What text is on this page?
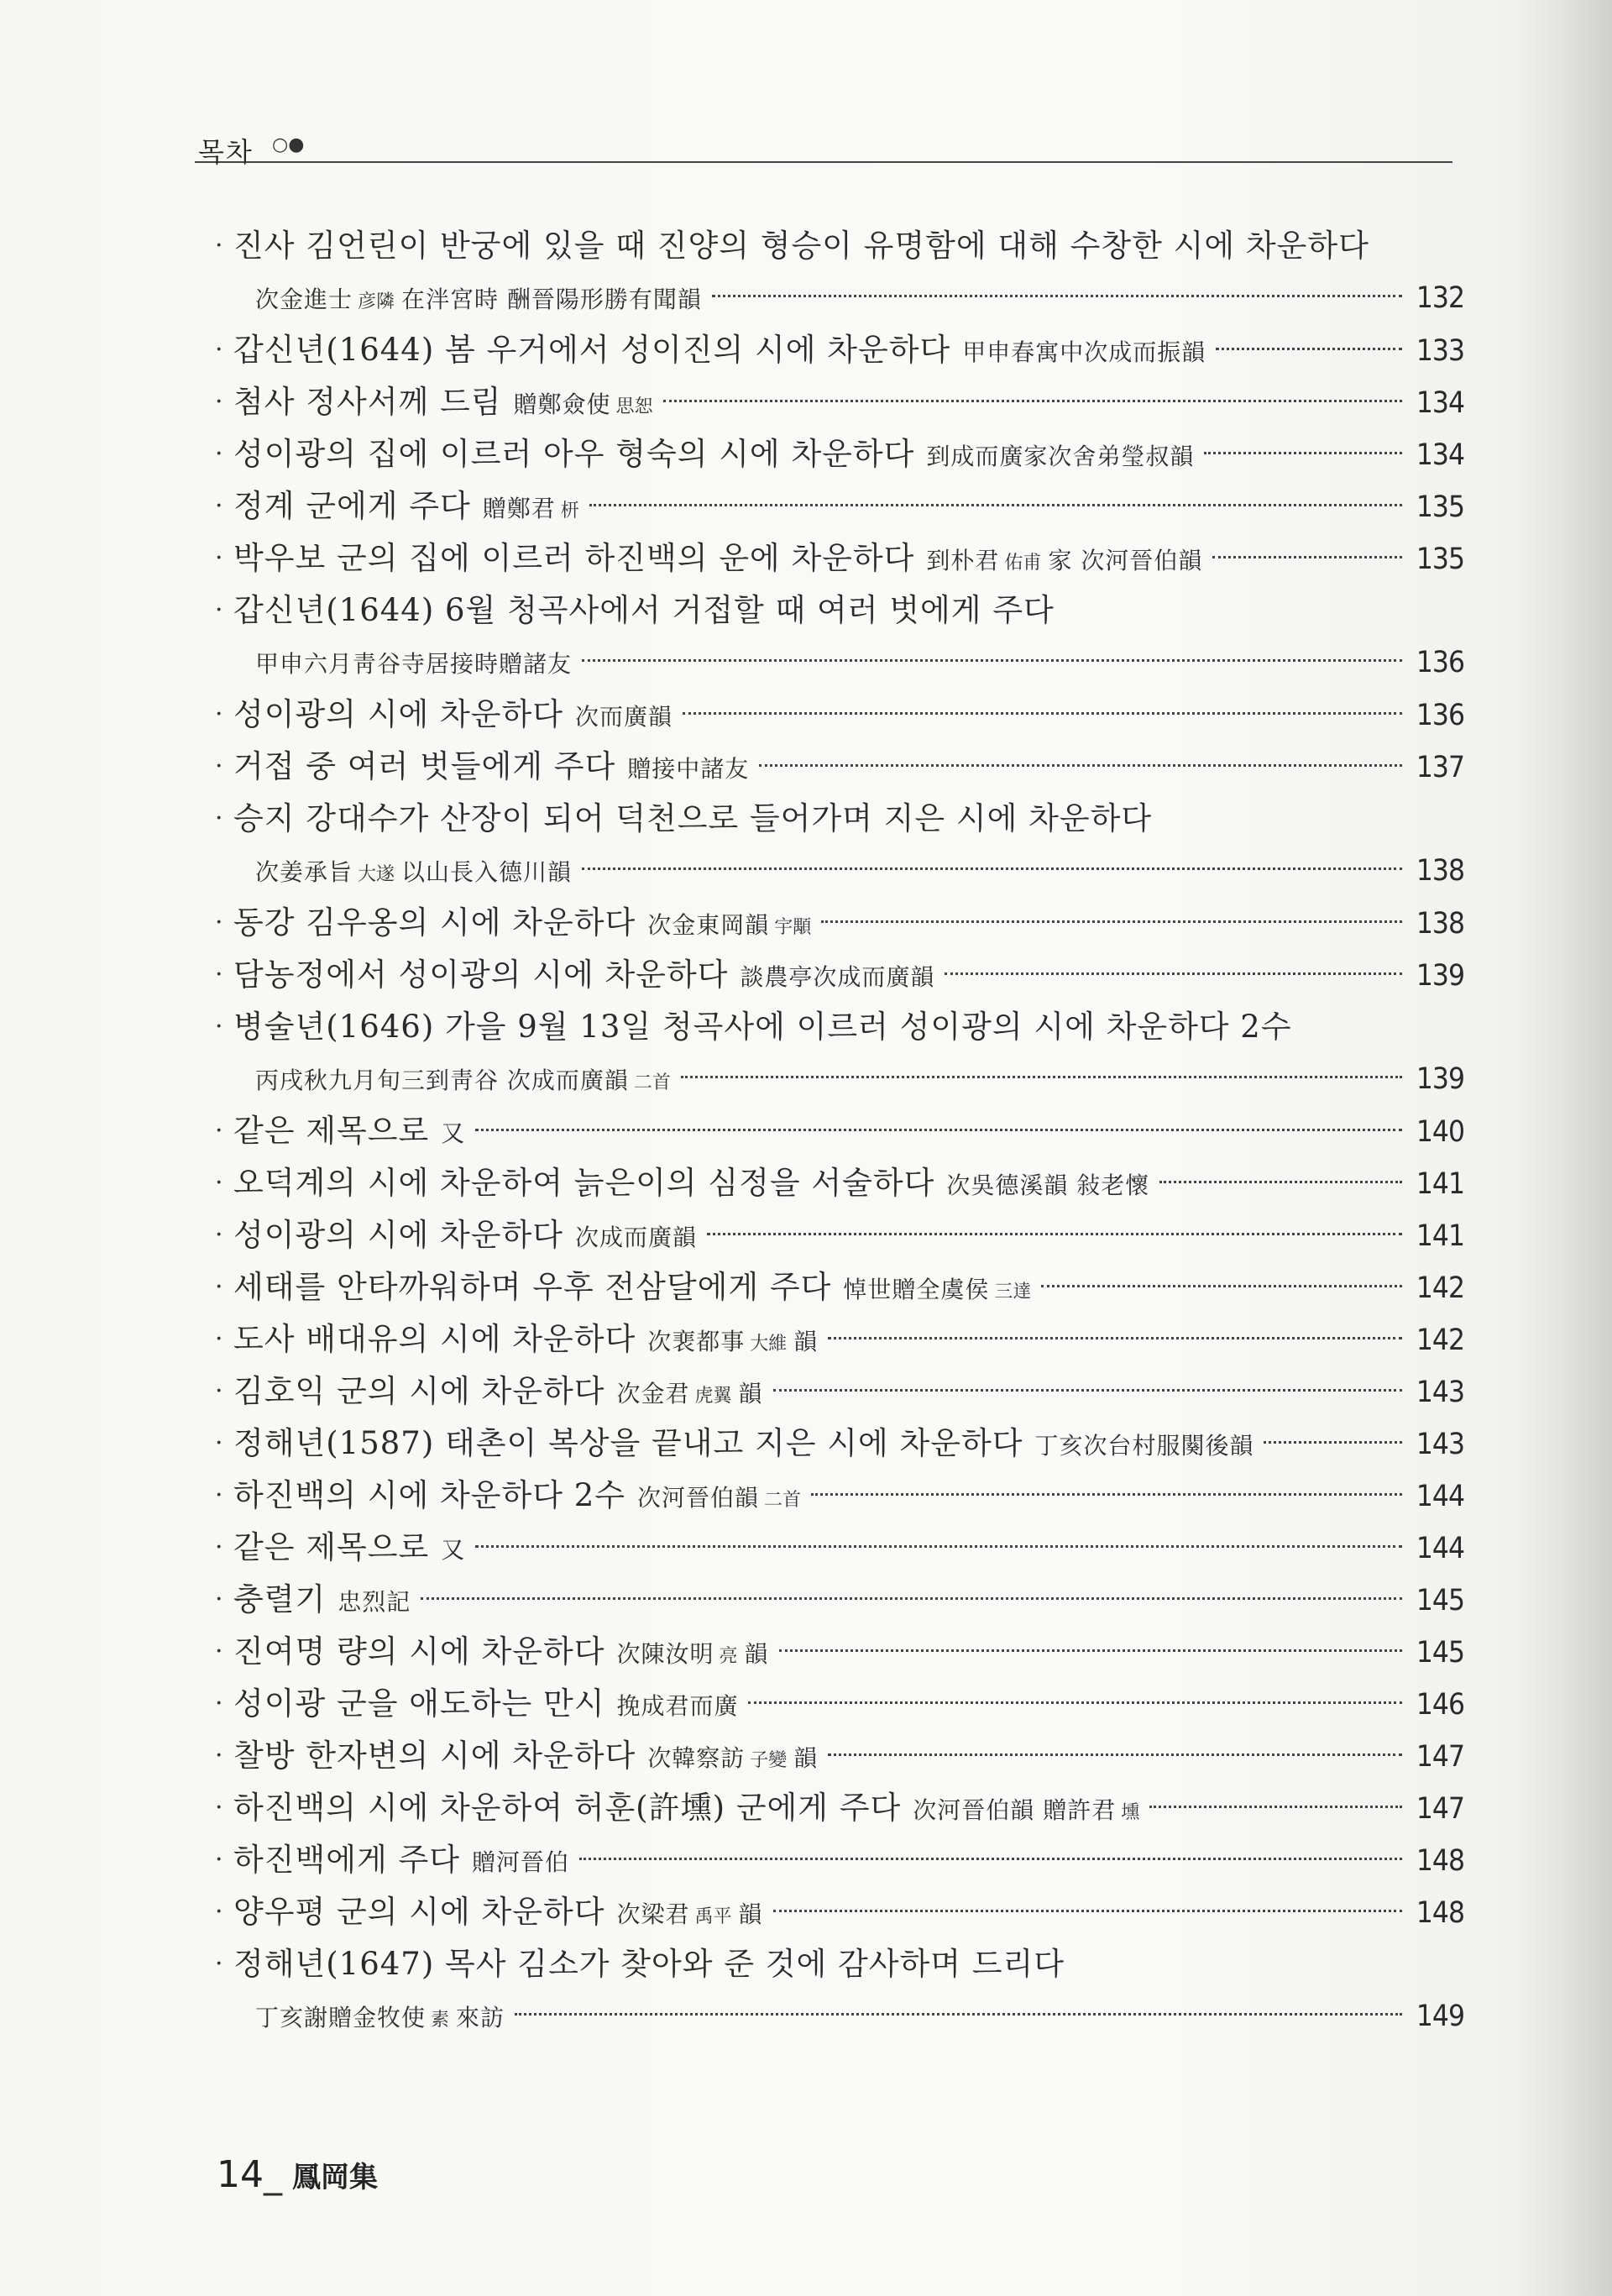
목차 ○●
· 진사 김언린이 반궁에 있을 때 진양의 형승이 유명함에 대해 수창한 시에 차운하다
次金進士 彦隣 在泮宮時 酬晉陽形勝有聞韻	132
· 갑신년(1644) 봄 우거에서 성이진의 시에 차운하다 甲申春寓中次成而振韻	133
· 첨사 정사서께 드림 贈鄭僉使 思恕	134
· 성이광의 집에 이르러 아우 형숙의 시에 차운하다 到成而廣家次舍弟瑩叔韻	134
· 정계 군에게 주다 贈鄭君 枅	135
· 박우보 군의 집에 이르러 하진백의 운에 차운하다 到朴君 佑甫 家 次河晉伯韻	135
· 갑신년(1644) 6월 청곡사에서 거접할 때 여러 벗에게 주다
甲申六月靑谷寺居接時贈諸友	136
· 성이광의 시에 차운하다 次而廣韻	136
· 거접 중 여러 벗들에게 주다 贈接中諸友	137
· 승지 강대수가 산장이 되어 덕천으로 들어가며 지은 시에 차운하다
次姜承旨 大遂 以山長入德川韻	138
· 동강 김우옹의 시에 차운하다 次金東岡韻 宇顒	138
· 담농정에서 성이광의 시에 차운하다 談農亭次成而廣韻	139
· 병술년(1646) 가을 9월 13일 청곡사에 이르러 성이광의 시에 차운하다 2수
丙戌秋九月旬三到靑谷 次成而廣韻 二首	139
· 같은 제목으로 又	140
· 오덕계의 시에 차운하여 늙은이의 심정을 서술하다 次吳德溪韻 敍老懷	141
· 성이광의 시에 차운하다 次成而廣韻	141
· 세태를 안타까워하며 우후 전삼달에게 주다 悼世贈全虞侯 三達	142
· 도사 배대유의 시에 차운하다 次裵都事 大維 韻	142
· 김호익 군의 시에 차운하다 次金君 虎翼 韻	143
· 정해년(1587) 태촌이 복상을 끝내고 지은 시에 차운하다 丁亥次台村服闋後韻	143
· 하진백의 시에 차운하다 2수 次河晉伯韻 二首	144
· 같은 제목으로 又	144
· 충렬기 忠烈記	145
· 진여명 량의 시에 차운하다 次陳汝明 亮 韻	145
· 성이광 군을 애도하는 만시 挽成君而廣	146
· 찰방 한자변의 시에 차운하다 次韓察訪 子變 韻	147
· 하진백의 시에 차운하여 허훈(許壎) 군에게 주다 次河晉伯韻 贈許君 壎	147
· 하진백에게 주다 贈河晉伯	148
· 양우평 군의 시에 차운하다 次梁君 禹平 韻	148
· 정해년(1647) 목사 김소가 찾아와 준 것에 감사하며 드리다
丁亥謝贈金牧使 素 來訪	149
14 _ 鳳岡集
